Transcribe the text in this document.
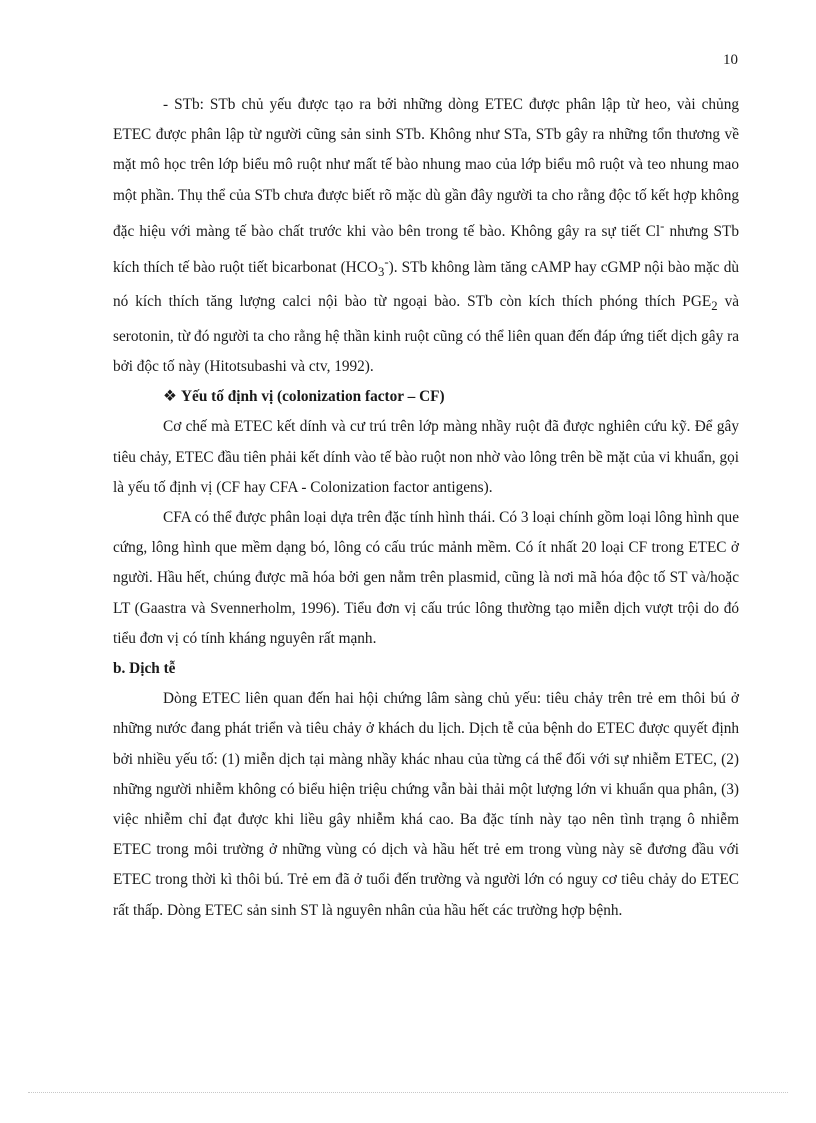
10

- STb: STb chủ yếu được tạo ra bởi những dòng ETEC được phân lập từ heo, vài chủng ETEC được phân lập từ người cũng sản sinh STb. Không như STa, STb gây ra những tổn thương về mặt mô học trên lớp biểu mô ruột như mất tế bào nhung mao của lớp biểu mô ruột và teo nhung mao một phần. Thụ thể của STb chưa được biết rõ mặc dù gần đây người ta cho rằng độc tố kết hợp không đặc hiệu với màng tế bào chất trước khi vào bên trong tế bào. Không gây ra sự tiết Cl- nhưng STb kích thích tế bào ruột tiết bicarbonat $(HCO_3^-)$. STb không làm tăng cAMP hay cGMP nội bào mặc dù nó kích thích tăng lượng calci nội bào từ ngoại bào. STb còn kích thích phóng thích $PGE_2$ và serotonin, từ đó người ta cho rằng hệ thần kinh ruột cũng có thể liên quan đến đáp ứng tiết dịch gây ra bởi độc tố này (Hitotsubashi và ctv, 1992).

❖ Yếu tố định vị (colonization factor – CF)

Cơ chế mà ETEC kết dính và cư trú trên lớp màng nhầy ruột đã được nghiên cứu kỹ. Để gây tiêu chảy, ETEC đầu tiên phải kết dính vào tế bào ruột non nhờ vào lông trên bề mặt của vi khuẩn, gọi là yếu tố định vị (CF hay CFA - Colonization factor antigens).

CFA có thể được phân loại dựa trên đặc tính hình thái. Có 3 loại chính gồm loại lông hình que cứng, lông hình que mềm dạng bó, lông có cấu trúc mảnh mềm. Có ít nhất 20 loại CF trong ETEC ở người. Hầu hết, chúng được mã hóa bởi gen nằm trên plasmid, cũng là nơi mã hóa độc tố ST và/hoặc LT (Gaastra và Svennerholm, 1996). Tiểu đơn vị cấu trúc lông thường tạo miễn dịch vượt trội do đó tiểu đơn vị có tính kháng nguyên rất mạnh.

b. Dịch tễ

Dòng ETEC liên quan đến hai hội chứng lâm sàng chủ yếu: tiêu chảy trên trẻ em thôi bú ở những nước đang phát triển và tiêu chảy ở khách du lịch. Dịch tễ của bệnh do ETEC được quyết định bởi nhiều yếu tố: (1) miễn dịch tại màng nhầy khác nhau của từng cá thể đối với sự nhiễm ETEC, (2) những người nhiễm không có biểu hiện triệu chứng vẫn bài thải một lượng lớn vi khuẩn qua phân, (3) việc nhiễm chỉ đạt được khi liều gây nhiễm khá cao. Ba đặc tính này tạo nên tình trạng ô nhiễm ETEC trong môi trường ở những vùng có dịch và hầu hết trẻ em trong vùng này sẽ đương đầu với ETEC trong thời kì thôi bú. Trẻ em đã ở tuổi đến trường và người lớn có nguy cơ tiêu chảy do ETEC rất thấp. Dòng ETEC sản sinh ST là nguyên nhân của hầu hết các trường hợp bệnh.
